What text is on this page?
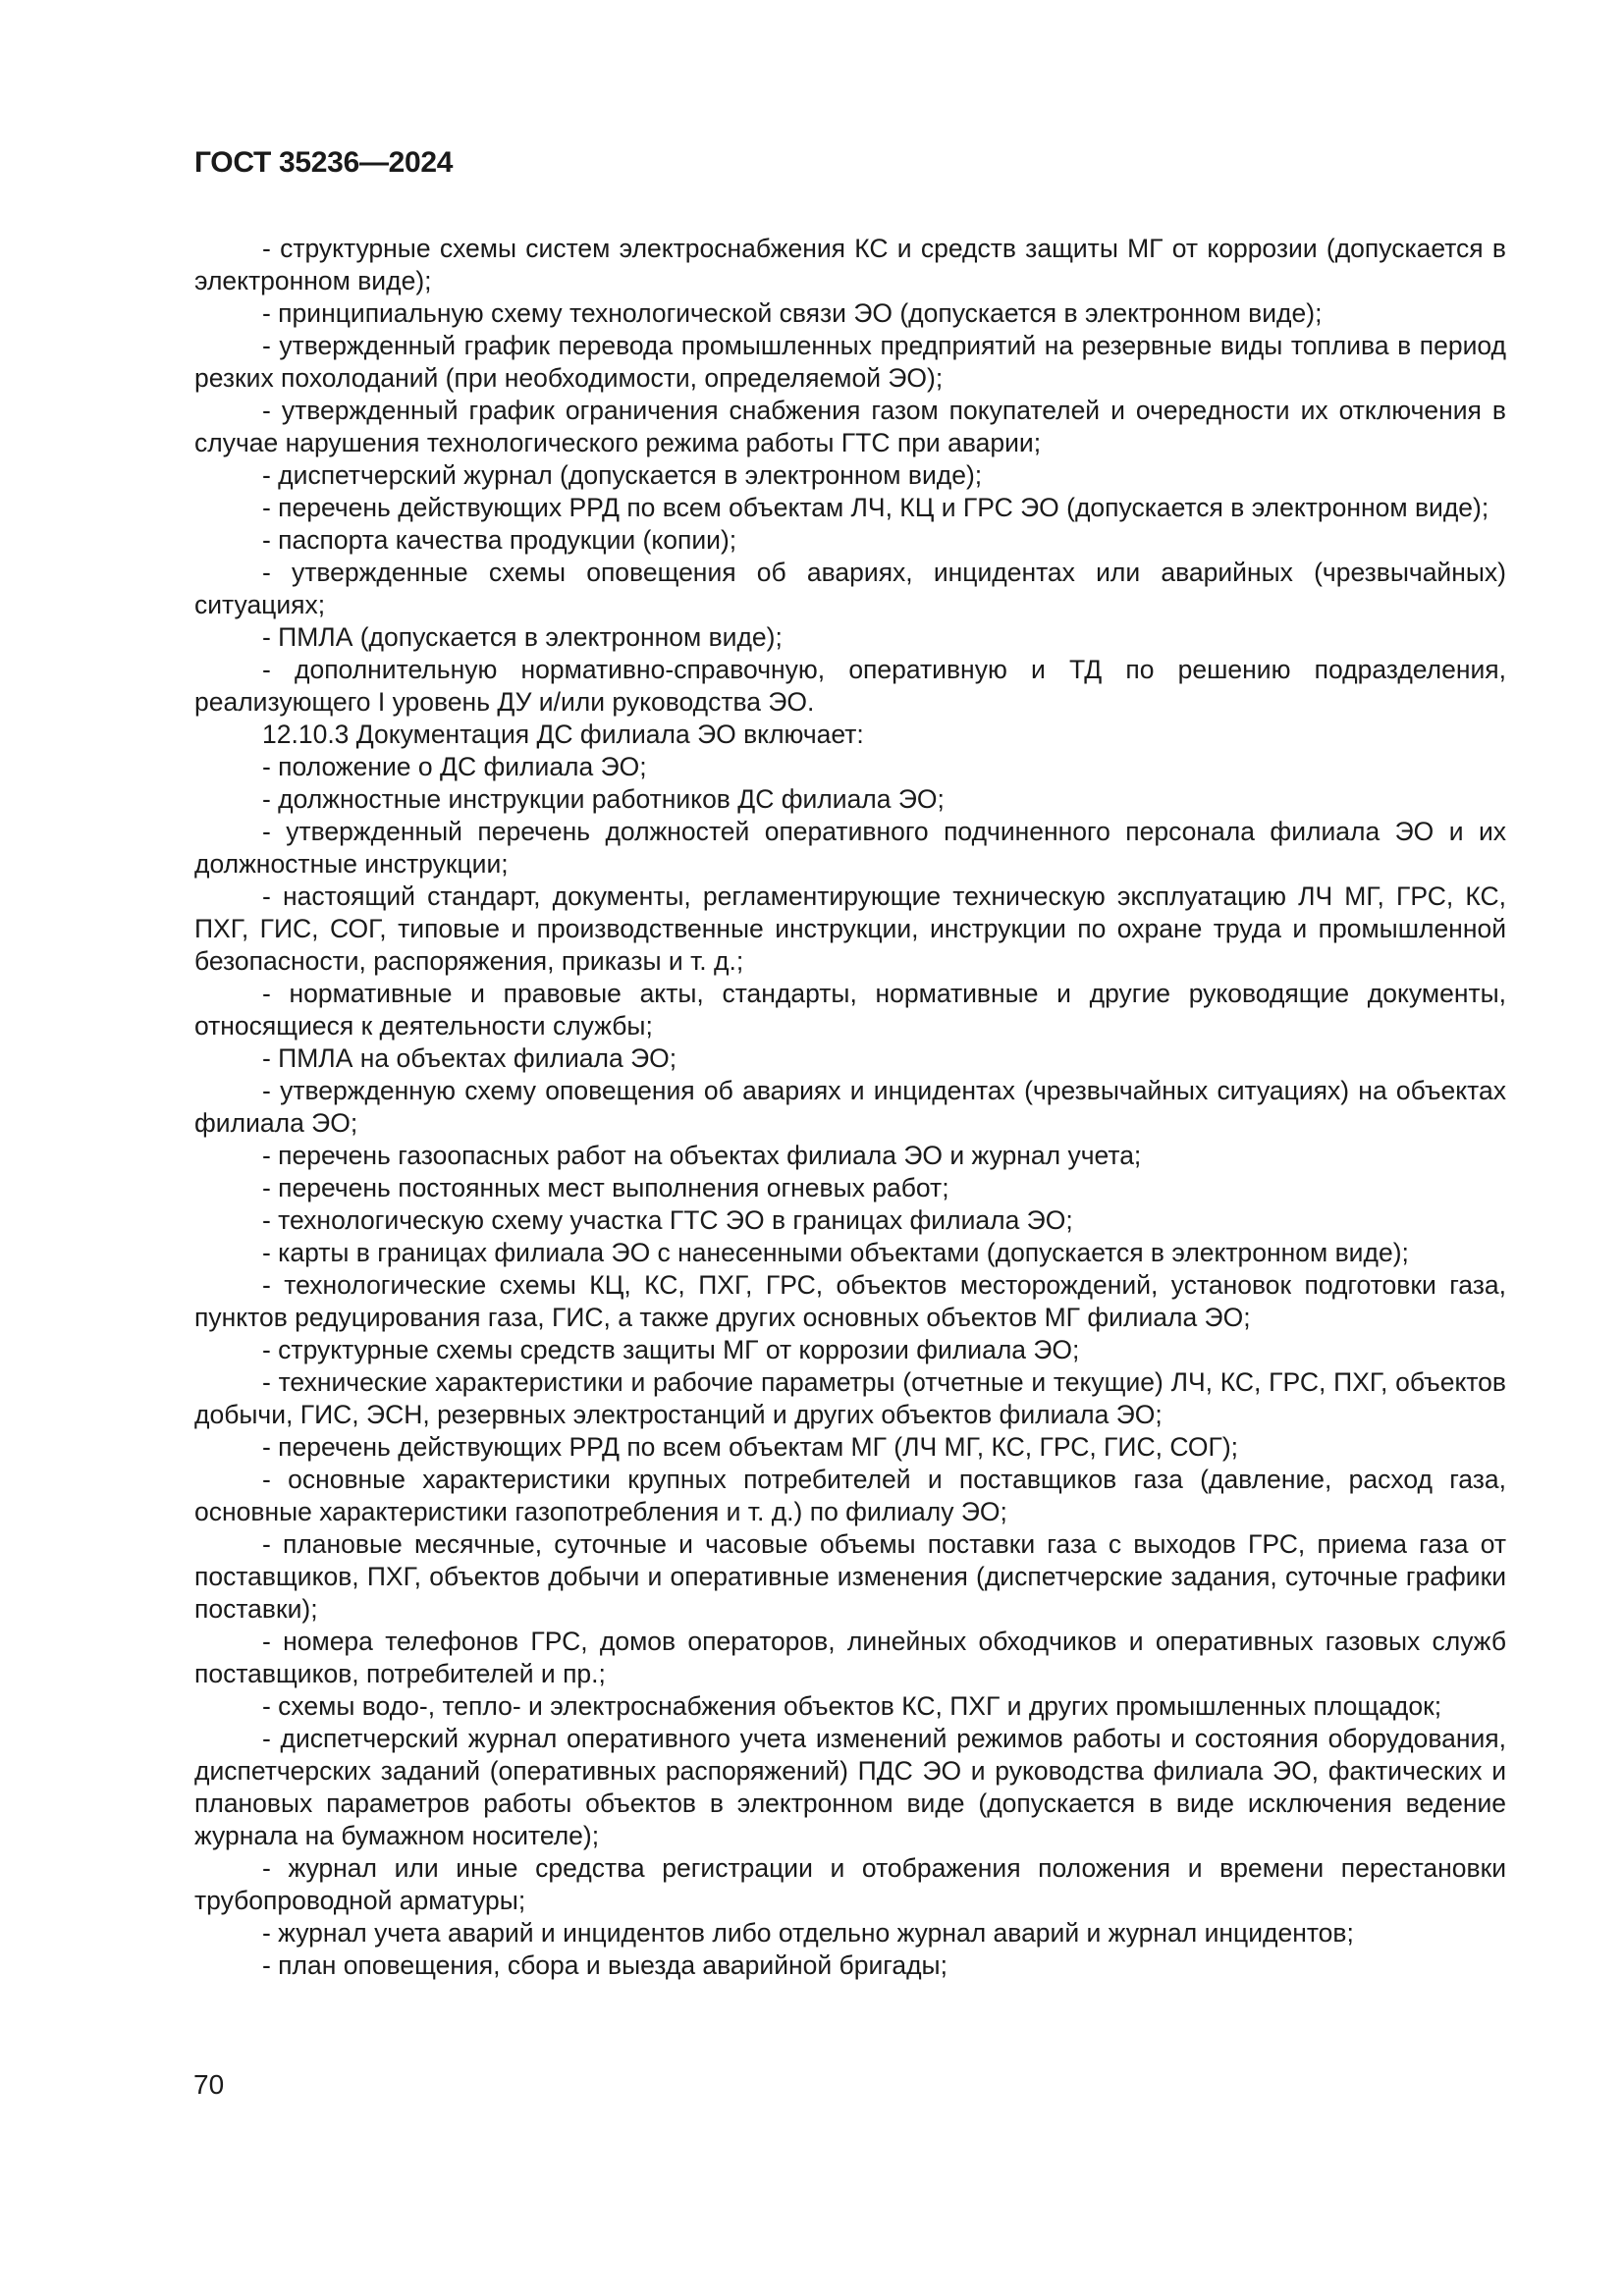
ГОСТ 35236—2024

- структурные схемы систем электроснабжения КС и средств защиты МГ от коррозии (допускается в электронном виде);

- принципиальную схему технологической связи ЭО (допускается в электронном виде);

- утвержденный график перевода промышленных предприятий на резервные виды топлива в период резких похолоданий (при необходимости, определяемой ЭО);

- утвержденный график ограничения снабжения газом покупателей и очередности их отключения в случае нарушения технологического режима работы ГТС при аварии;

- диспетчерский журнал (допускается в электронном виде);

- перечень действующих РРД по всем объектам ЛЧ, КЦ и ГРС ЭО (допускается в электронном виде);

- паспорта качества продукции (копии);

- утвержденные схемы оповещения об авариях, инцидентах или аварийных (чрезвычайных) ситуациях;

- ПМЛА (допускается в электронном виде);

- дополнительную нормативно-справочную, оперативную и ТД по решению подразделения, реализующего I уровень ДУ и/или руководства ЭО.

12.10.3 Документация ДС филиала ЭО включает:

- положение о ДС филиала ЭО;

- должностные инструкции работников ДС филиала ЭО;

- утвержденный перечень должностей оперативного подчиненного персонала филиала ЭО и их должностные инструкции;

- настоящий стандарт, документы, регламентирующие техническую эксплуатацию ЛЧ МГ, ГРС, КС, ПХГ, ГИС, СОГ, типовые и производственные инструкции, инструкции по охране труда и промышленной безопасности, распоряжения, приказы и т. д.;

- нормативные и правовые акты, стандарты, нормативные и другие руководящие документы, относящиеся к деятельности службы;

- ПМЛА на объектах филиала ЭО;

- утвержденную схему оповещения об авариях и инцидентах (чрезвычайных ситуациях) на объектах филиала ЭО;

- перечень газоопасных работ на объектах филиала ЭО и журнал учета;

- перечень постоянных мест выполнения огневых работ;

- технологическую схему участка ГТС ЭО в границах филиала ЭО;

- карты в границах филиала ЭО с нанесенными объектами (допускается в электронном виде);

- технологические схемы КЦ, КС, ПХГ, ГРС, объектов месторождений, установок подготовки газа, пунктов редуцирования газа, ГИС, а также других основных объектов МГ филиала ЭО;

- структурные схемы средств защиты МГ от коррозии филиала ЭО;

- технические характеристики и рабочие параметры (отчетные и текущие) ЛЧ, КС, ГРС, ПХГ, объектов добычи, ГИС, ЭСН, резервных электростанций и других объектов филиала ЭО;

- перечень действующих РРД по всем объектам МГ (ЛЧ МГ, КС, ГРС, ГИС, СОГ);

- основные характеристики крупных потребителей и поставщиков газа (давление, расход газа, основные характеристики газопотребления и т. д.) по филиалу ЭО;

- плановые месячные, суточные и часовые объемы поставки газа с выходов ГРС, приема газа от поставщиков, ПХГ, объектов добычи и оперативные изменения (диспетчерские задания, суточные графики поставки);

- номера телефонов ГРС, домов операторов, линейных обходчиков и оперативных газовых служб поставщиков, потребителей и пр.;

- схемы водо-, тепло- и электроснабжения объектов КС, ПХГ и других промышленных площадок;

- диспетчерский журнал оперативного учета изменений режимов работы и состояния оборудования, диспетчерских заданий (оперативных распоряжений) ПДС ЭО и руководства филиала ЭО, фактических и плановых параметров работы объектов в электронном виде (допускается в виде исключения ведение журнала на бумажном носителе);

- журнал или иные средства регистрации и отображения положения и времени перестановки трубопроводной арматуры;

- журнал учета аварий и инцидентов либо отдельно журнал аварий и журнал инцидентов;

- план оповещения, сбора и выезда аварийной бригады;

70
